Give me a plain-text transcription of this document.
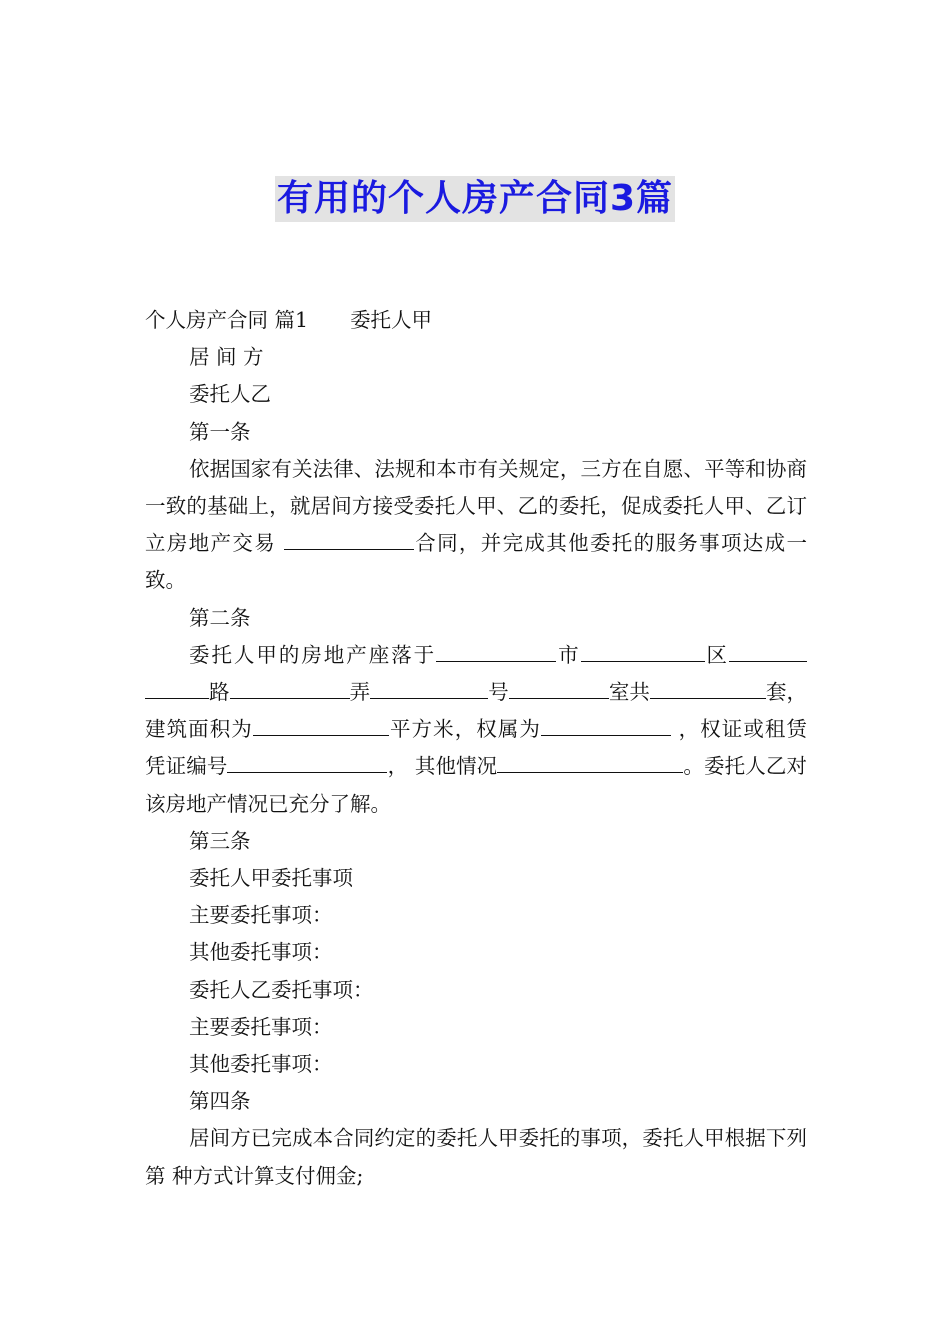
有用的个人房产合同3篇

个人房产合同 篇1 委托人甲

居 间 方

委托人乙

第一条

依据国家有关法律、法规和本市有关规定，三方在自愿、平等和协商一致的基础上，就居间方接受委托人甲、乙的委托，促成委托人甲、乙订立房地产交易	合同，并完成其他委托的服务事项达成一致。

第二条

委托人甲的房地产座落于	市	区路	弄	号	室共	套，建筑面积为	平方米，权属为	，权证或租赁凭证编号	， 其他情况	。委托人乙对该房地产情况已充分了解。

第三条

委托人甲委托事项

主要委托事项：

其他委托事项：

委托人乙委托事项：

主要委托事项：

其他委托事项：

第四条

居间方已完成本合同约定的委托人甲委托的事项，委托人甲根据下列第 种方式计算支付佣金;
